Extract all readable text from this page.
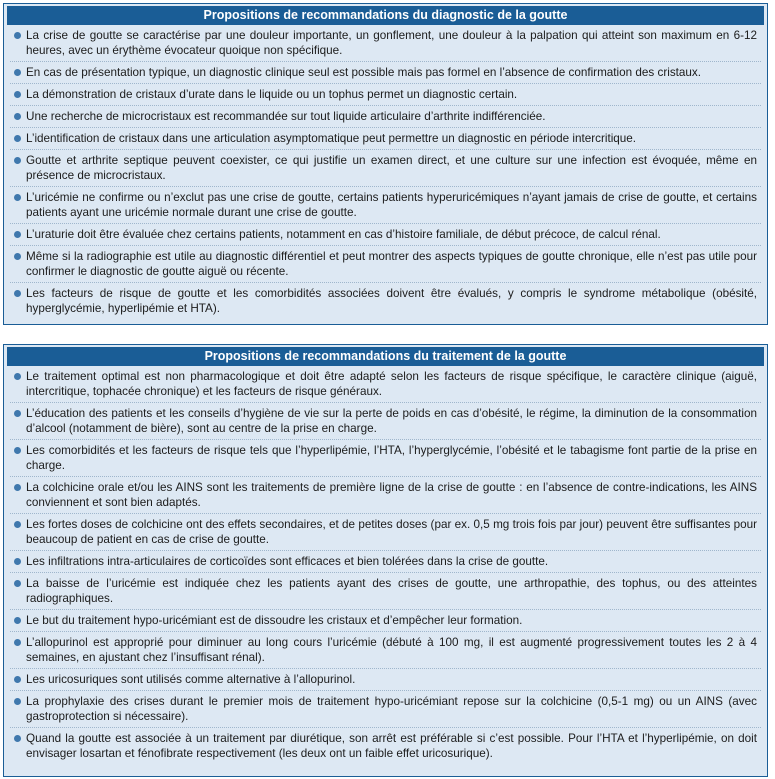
Propositions de recommandations du diagnostic de la goutte
La crise de goutte se caractérise par une douleur importante, un gonflement, une douleur à la palpation qui atteint son maximum en 6-12 heures, avec un érythème évocateur quoique non spécifique.
En cas de présentation typique, un diagnostic clinique seul est possible mais pas formel en l’absence de confirmation des cristaux.
La démonstration de cristaux d’urate dans le liquide ou un tophus permet un diagnostic certain.
Une recherche de microcristaux est recommandée sur tout liquide articulaire d’arthrite indifférenciée.
L’identification de cristaux dans une articulation asymptomatique peut permettre un diagnostic en période intercritique.
Goutte et arthrite septique peuvent coexister, ce qui justifie un examen direct, et une culture sur une infection est évoquée, même en présence de microcristaux.
L’uricémie ne confirme ou n’exclut pas une crise de goutte, certains patients hyperuricémiques n’ayant jamais de crise de goutte, et certains patients ayant une uricémie normale durant une crise de goutte.
L’uraturie doit être évaluée chez certains patients, notamment en cas d’histoire familiale, de début précoce, de calcul rénal.
Même si la radiographie est utile au diagnostic différentiel et peut montrer des aspects typiques de goutte chronique, elle n’est pas utile pour confirmer le diagnostic de goutte aiguë ou récente.
Les facteurs de risque de goutte et les comorbidités associées doivent être évalués, y compris le syndrome métabolique (obésité, hyperglycémie, hyperlipémie et HTA).
Propositions de recommandations du traitement de la goutte
Le traitement optimal est non pharmacologique et doit être adapté selon les facteurs de risque spécifique, le caractère clinique (aiguë, intercritique, tophacée chronique) et les facteurs de risque généraux.
L’éducation des patients et les conseils d’hygiène de vie sur la perte de poids en cas d’obésité, le régime, la diminution de la consommation d’alcool (notamment de bière), sont au centre de la prise en charge.
Les comorbidités et les facteurs de risque tels que l’hyperlipémie, l’HTA, l’hyperglycémie, l’obésité et le tabagisme font partie de la prise en charge.
La colchicine orale et/ou les AINS sont les traitements de première ligne de la crise de goutte : en l’absence de contre-indications, les AINS conviennent et sont bien adaptés.
Les fortes doses de colchicine ont des effets secondaires, et de petites doses (par ex. 0,5 mg trois fois par jour) peuvent être suffisantes pour beaucoup de patient en cas de crise de goutte.
Les infiltrations intra-articulaires de corticoïdes sont efficaces et bien tolérées dans la crise de goutte.
La baisse de l’uricémie est indiquée chez les patients ayant des crises de goutte, une arthropathie, des tophus, ou des atteintes radiographiques.
Le but du traitement hypo-uricémiant est de dissoudre les cristaux et d’empêcher leur formation.
L’allopurinol est approprié pour diminuer au long cours l’uricémie (débuté à 100 mg, il est augmenté progressivement toutes les 2 à 4 semaines, en ajustant chez l’insuffisant rénal).
Les uricosuriques sont utilisés comme alternative à l’allopurinol.
La prophylaxie des crises durant le premier mois de traitement hypo-uricémiant repose sur la colchicine (0,5-1 mg) ou un AINS (avec gastroprotection si nécessaire).
Quand la goutte est associée à un traitement par diurétique, son arrêt est préférable si c’est possible. Pour l’HTA et l’hyperlipémie, on doit envisager losartan et fénofibrate respectivement (les deux ont un faible effet uricosurique).
